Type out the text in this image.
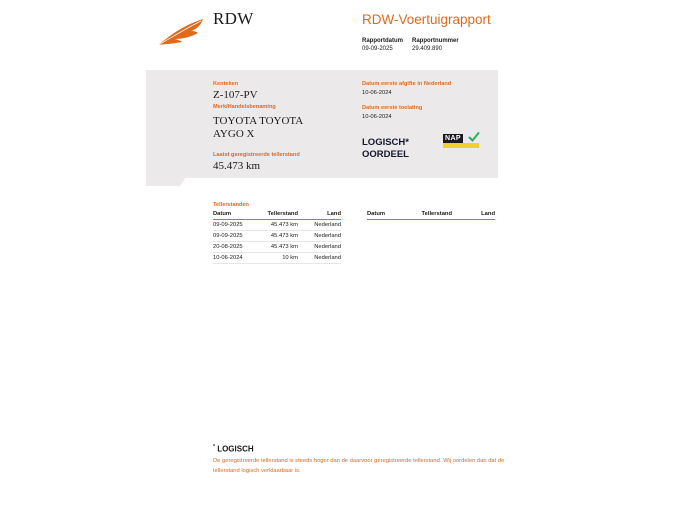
RDW	RDW-Voertuigrapport
Rapportdatum
09-09-2025
Rapportnummer
29.409.890
Kenteken
Z-107-PV
Merk/Handelsbenaming
TOYOTA TOYOTA
AYGO X
Laatst geregistreerde tellerstand
45.473 km
Datum eerste afgifte in Nederland
10-06-2024
Datum eerste toelating
10-06-2024
LOGISCH*
OORDEEL
NAP
Tellerstanden
Datum	Tellerstand	Land
09-09-2025	45.473 km	Nederland
09-09-2025	45.473 km	Nederland
20-08-2025	45.473 km	Nederland
10-06-2024	10 km	Nederland
Datum	Tellerstand	Land
* LOGISCH
De geregistreerde tellerstand is steeds hoger dan de daarvoor geregistreerde tellerstand. Wij oordelen dan dat de tellerstand logisch verklaarbaar is.
